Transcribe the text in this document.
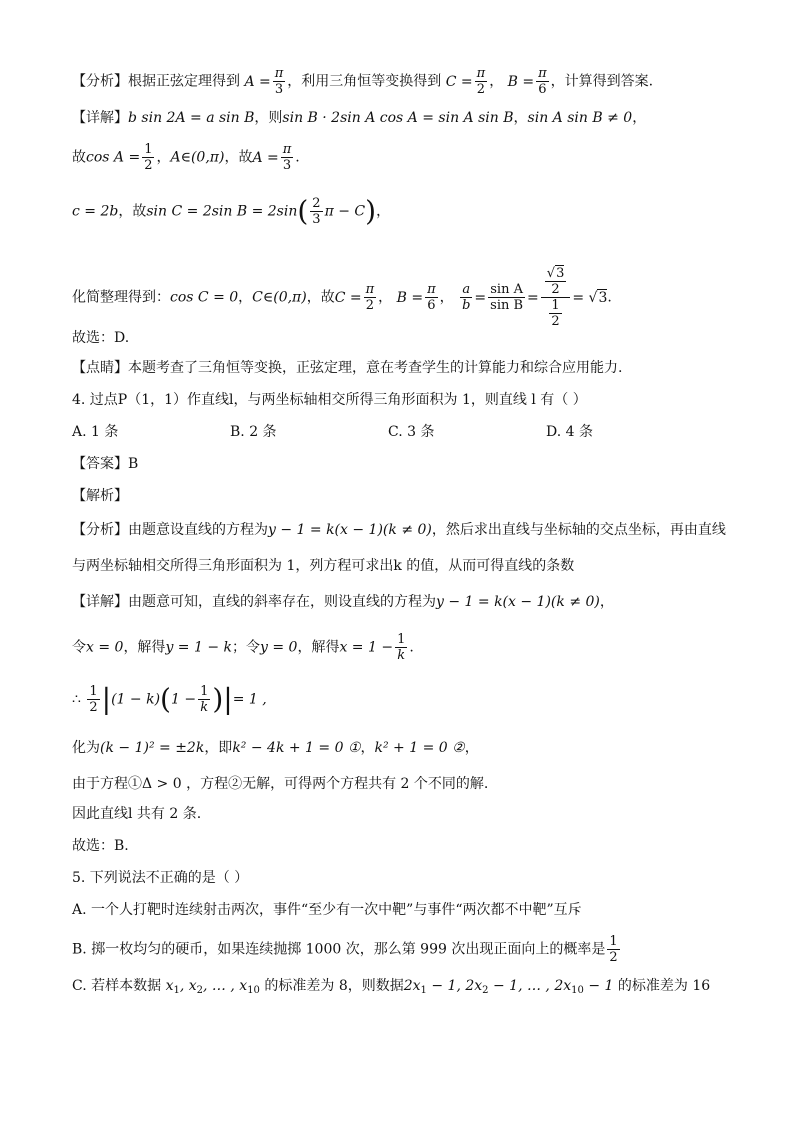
【分析】根据正弦定理得到 $A = \frac{\pi}{3}$ ，利用三角恒等变换得到 $C = \frac{\pi}{2}$ ， $B = \frac{\pi}{6}$ ，计算得到答案.
【详解】b sin 2A = a sin B，则sin B · 2sin A cos A = sin A sin B，sin A sin B ≠ 0，
故$\cos A = \frac{1}{2}$ ，A∈(0,π)，故$A = \frac{\pi}{3}$ .
c = 2b，故sin C = 2sin $B = 2\sin( \frac{2}{3}$ π − C)，
化简整理得到：cos C = 0，C∈(0,π)，故$C = \frac{\pi}{2}$ ， $B = \frac{\pi}{6}$ ， $\frac{a}{b} = \frac{\text{sin A}}{\text{sin B}} = \frac{\frac{√3}{2}}{\frac{1}{2}} = √3$.
故选：D.
【点睛】本题考查了三角恒等变换，正弦定理，意在考查学生的计算能力和综合应用能力.
4. 过点P（1，1）作直线l，与两坐标轴相交所得三角形面积为 1，则直线 l 有（ ）
A. 1 条	B. 2 条	C. 3 条	D. 4 条
【答案】B
【解析】
【分析】由题意设直线的方程为y − 1 = k(x − 1)(k ≠ 0)，然后求出直线与坐标轴的交点坐标，再由直线
与两坐标轴相交所得三角形面积为 1，列方程可求出k 的值，从而可得直线的条数
【详解】由题意可知，直线的斜率存在，则设直线的方程为y − 1 = k(x − 1)(k ≠ 0)，
令x = 0，解得y = 1 − k；令y = 0，解得$x = 1 - \frac{1}{k}$ .
∴ $\frac{1}{2} |(1 - k)(1 - \frac{1}{k}$ )|= 1 ,
化为(k − 1)² = ±2k，即k² − 4k + 1 = 0 ①，k² + 1 = 0 ②，
由于方程①Δ > 0 ，方程②无解，可得两个方程共有 2 个不同的解.
因此直线l 共有 2 条.
故选：B.
5. 下列说法不正确的是（ ）
A. 一个人打靶时连续射击两次，事件“至少有一次中靶”与事件“两次都不中靶”互斥
B. 掷一枚均匀的硬币，如果连续抛掷 1000 次，那么第 999 次出现正面向上的概率是 $\frac{1}{2}$
C. 若样本数据 $x_1$, $x_2$, … , $x_{10}$ 的标准差为 8，则数据$2x_1 - 1$, $2x_2 - 1$, … , $2x_{10} - 1$ 的标准差为 16
